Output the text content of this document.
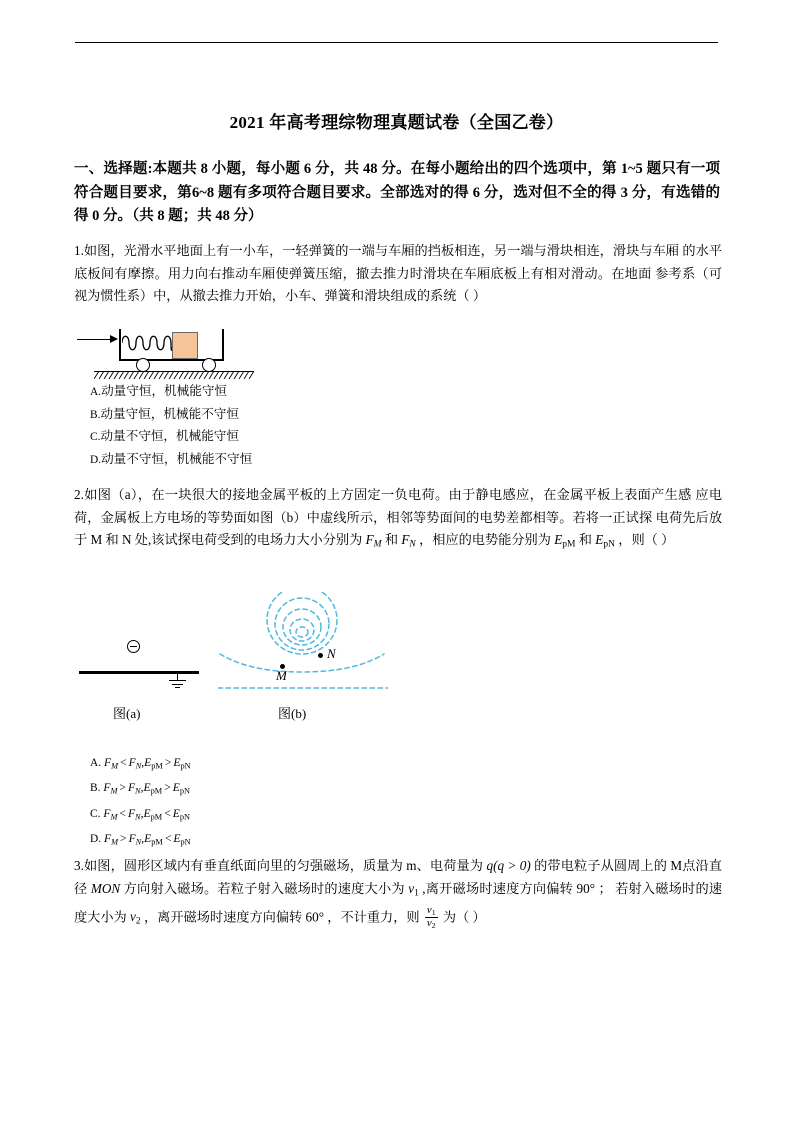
2021 年高考理综物理真题试卷（全国乙卷）
一、选择题:本题共 8 小题，每小题 6 分，共 48 分。在每小题给出的四个选项中，第 1~5 题只有一项符合题目要求，第6~8 题有多项符合题目要求。全部选对的得 6 分，选对但不全的得 3 分，有选错的得 0 分。（共 8 题；共 48 分）
1.如图，光滑水平地面上有一小车，一轻弹簧的一端与车厢的挡板相连，另一端与滑块相连，滑块与车厢 的水平底板间有摩擦。用力向右推动车厢使弹簧压缩，撤去推力时滑块在车厢底板上有相对滑动。在地面 参考系（可视为惯性系）中，从撤去推力开始，小车、弹簧和滑块组成的系统（ ）
A.动量守恒，机械能守恒
B.动量守恒，机械能不守恒
C.动量不守恒，机械能守恒
D.动量不守恒，机械能不守恒
2.如图（a），在一块很大的接地金属平板的上方固定一负电荷。由于静电感应，在金属平板上表面产生感 应电荷，金属板上方电场的等势面如图（b）中虚线所示，相邻等势面间的电势差都相等。若将一正试探 电荷先后放于 M 和 N 处,该试探电荷受到的电场力大小分别为 $F_M$ 和 $F_N$ ，相应的电势能分别为 $E_{pM}$ 和 $E_{pN}$ ，则（ ）
M
N
图(a)	图(b)
A. $F_M < F_N,E_{pM} > E_{pN}$
B. $F_M > F_N,E_{pM} > E_{pN}$
C. $F_M < F_N,E_{pM} < E_{pN}$
D. $F_M > F_N,E_{pM} < E_{pN}$
3.如图，圆形区域内有垂直纸面向里的匀强磁场，质量为 m、电荷量为 q(q > 0) 的带电粒子从圆周上的 M点沿直径 MON 方向射入磁场。若粒子射入磁场时的速度大小为 $v_1$ ,离开磁场时速度方向偏转 90° ； 若射入磁场时的速度大小为 $v_2$ ，离开磁场时速度方向偏转 60° ，不计重力，则 $\frac{v_1}{v_2}$ 为（ ）
